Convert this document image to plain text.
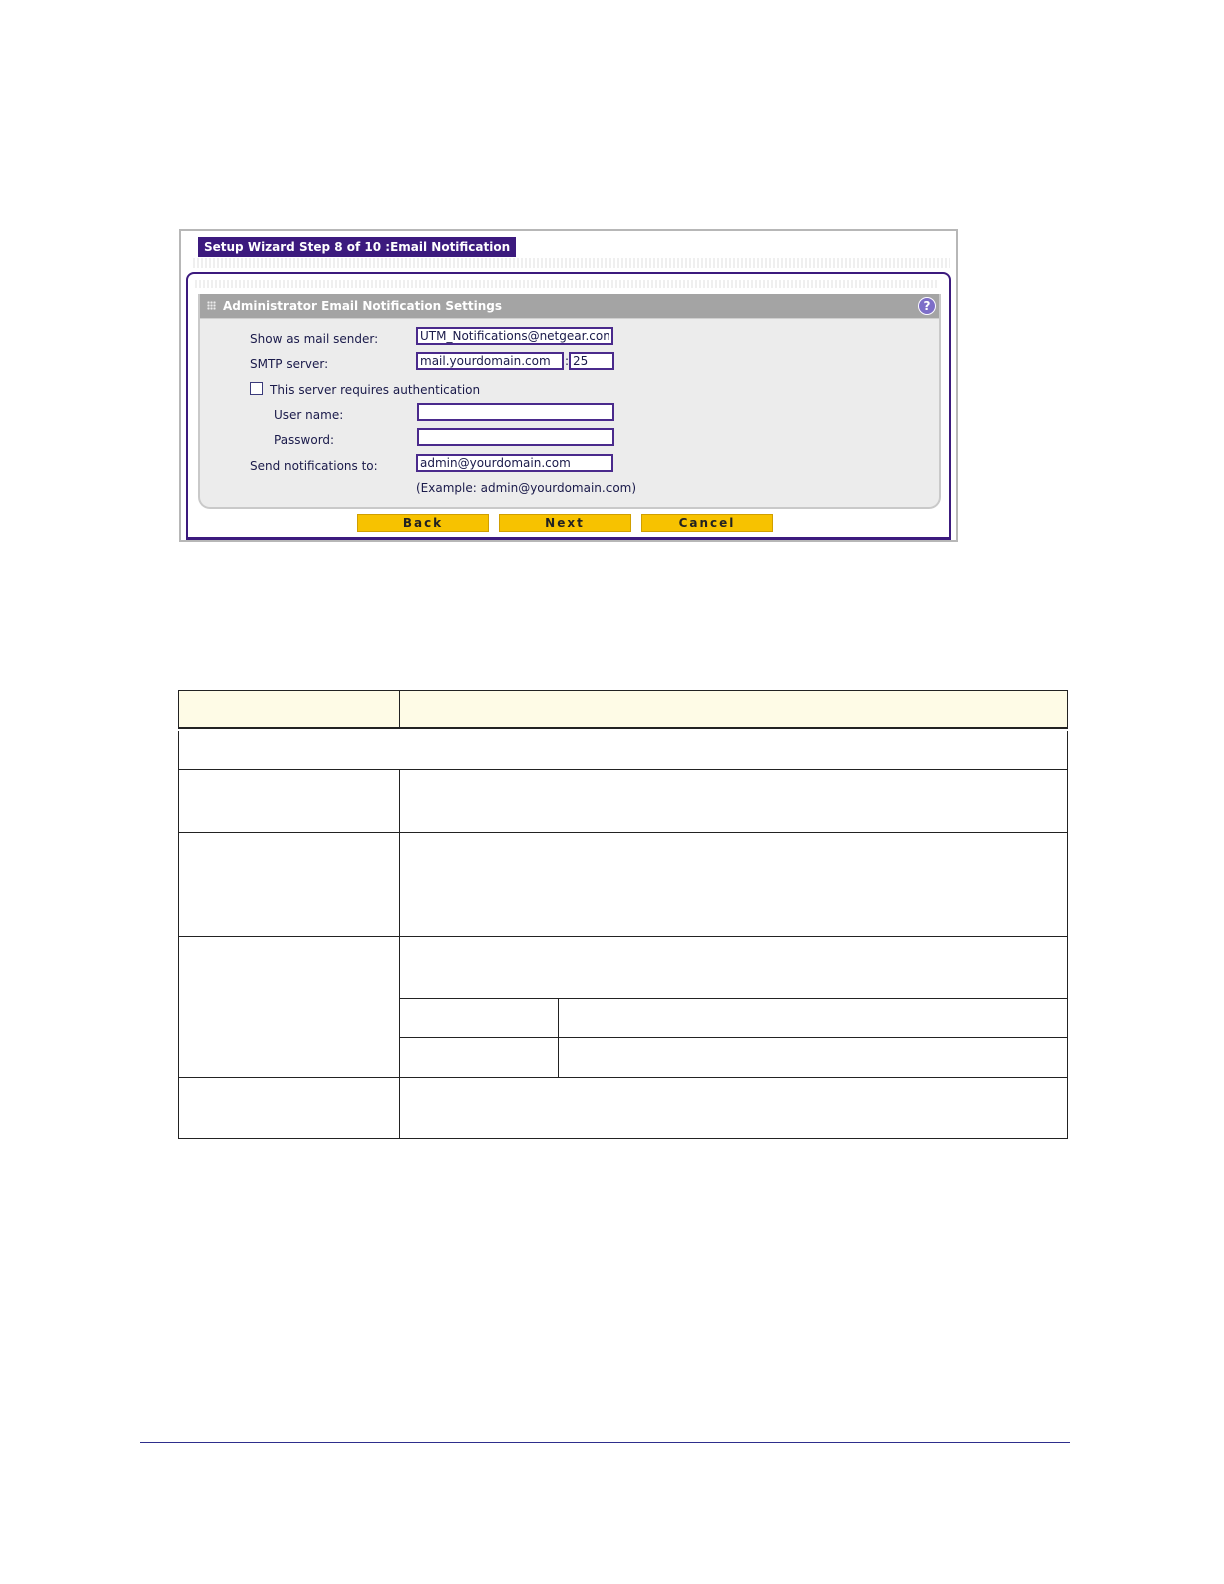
Setup Wizard Step 8 of 10 :Email Notification
Administrator Email Notification Settings	?
Show as mail sender:
UTM_Notifications@netgear.com
SMTP server:
mail.yourdomain.com	:
25
This server requires authentication
User name:
Password:
Send notifications to:
admin@yourdomain.com
(Example: admin@yourdomain.com)
Back	Next	Cancel
